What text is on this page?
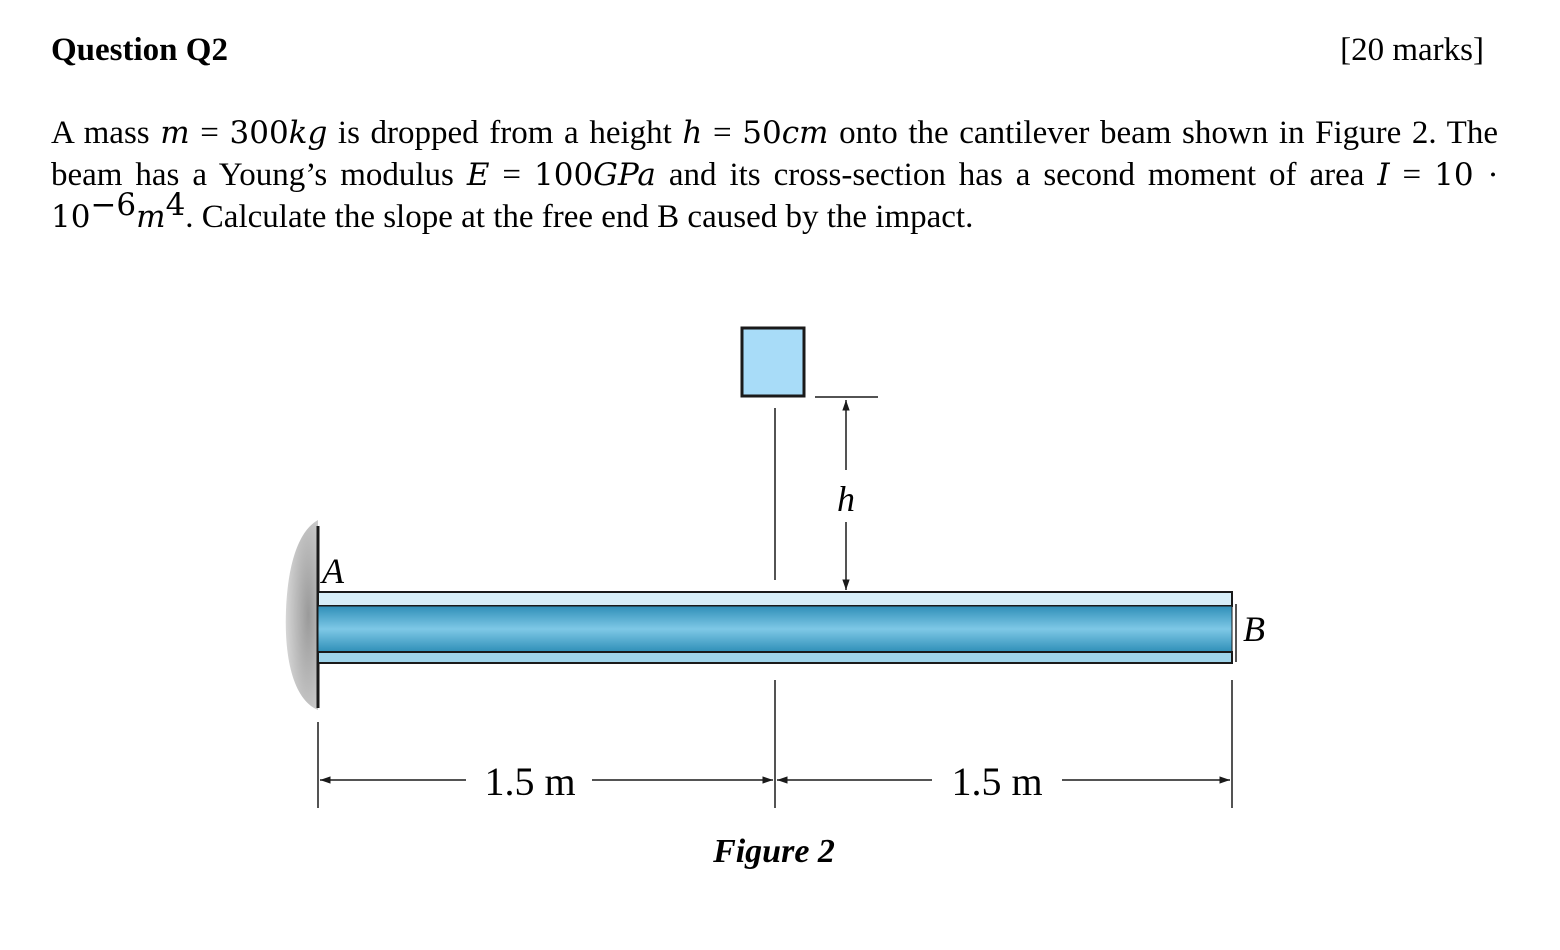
Question Q2	[20 marks]
A mass m = 300kg is dropped from a height h = 50cm onto the cantilever beam shown in Figure 2. The beam has a Young’s modulus E = 100GPa and its cross-section has a second moment of area $I = 10 \cdot 10^{-6}m^4$. Calculate the slope at the free end B caused by the impact.
h
A
B
1.5 m	1.5 m
Figure 2
